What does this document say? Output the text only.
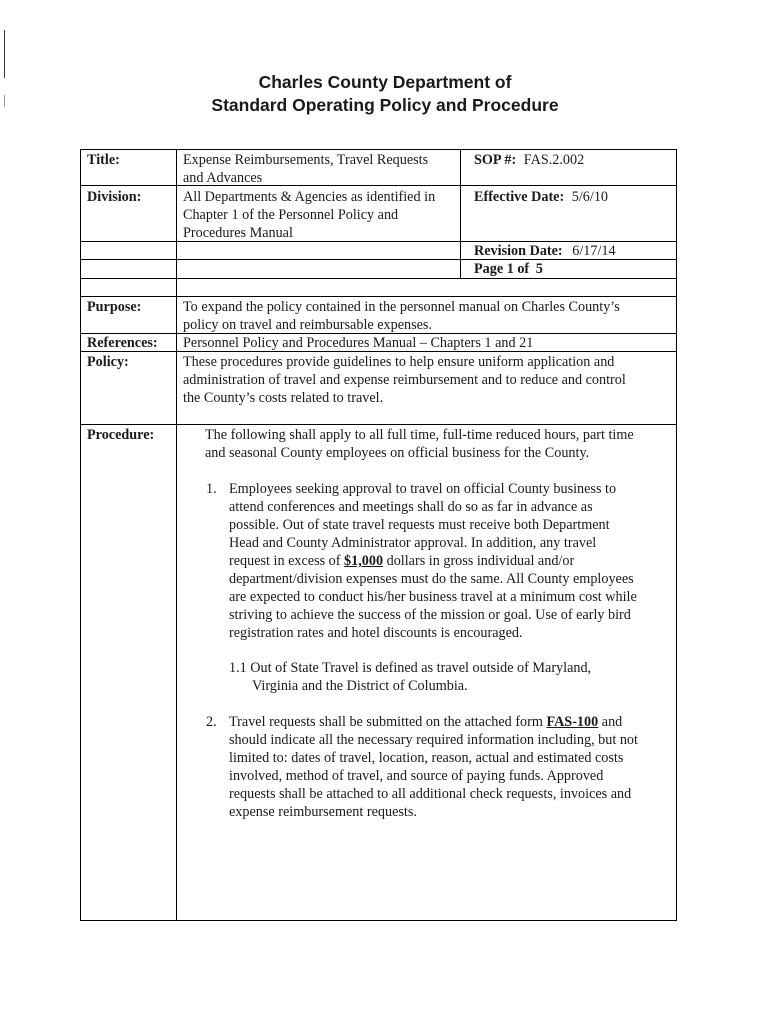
Charles County Department of
Standard Operating Policy and Procedure
Title:	Expense Reimbursements, Travel Requests
and Advances
SOP #: FAS.2.002
Division:	All Departments & Agencies as identified in
Chapter 1 of the Personnel Policy and
Procedures Manual
Effective Date: 5/6/10
Revision Date: 6/17/14
Page 1 of 5
Purpose:	To expand the policy contained in the personnel manual on Charles County’s
policy on travel and reimbursable expenses.
References: Personnel Policy and Procedures Manual – Chapters 1 and 21
Policy:	These procedures provide guidelines to help ensure uniform application and
administration of travel and expense reimbursement and to reduce and control
the County’s costs related to travel.
Procedure:	The following shall apply to all full time, full-time reduced hours, part time
and seasonal County employees on official business for the County.
1. Employees seeking approval to travel on official County business to
attend conferences and meetings shall do so as far in advance as
possible. Out of state travel requests must receive both Department
Head and County Administrator approval. In addition, any travel
request in excess of $1,000 dollars in gross individual and/or
department/division expenses must do the same. All County employees
are expected to conduct his/her business travel at a minimum cost while
striving to achieve the success of the mission or goal. Use of early bird
registration rates and hotel discounts is encouraged.
1.1 Out of State Travel is defined as travel outside of Maryland,
Virginia and the District of Columbia.
2. Travel requests shall be submitted on the attached form FAS-100 and
should indicate all the necessary required information including, but not
limited to: dates of travel, location, reason, actual and estimated costs
involved, method of travel, and source of paying funds. Approved
requests shall be attached to all additional check requests, invoices and
expense reimbursement requests.
